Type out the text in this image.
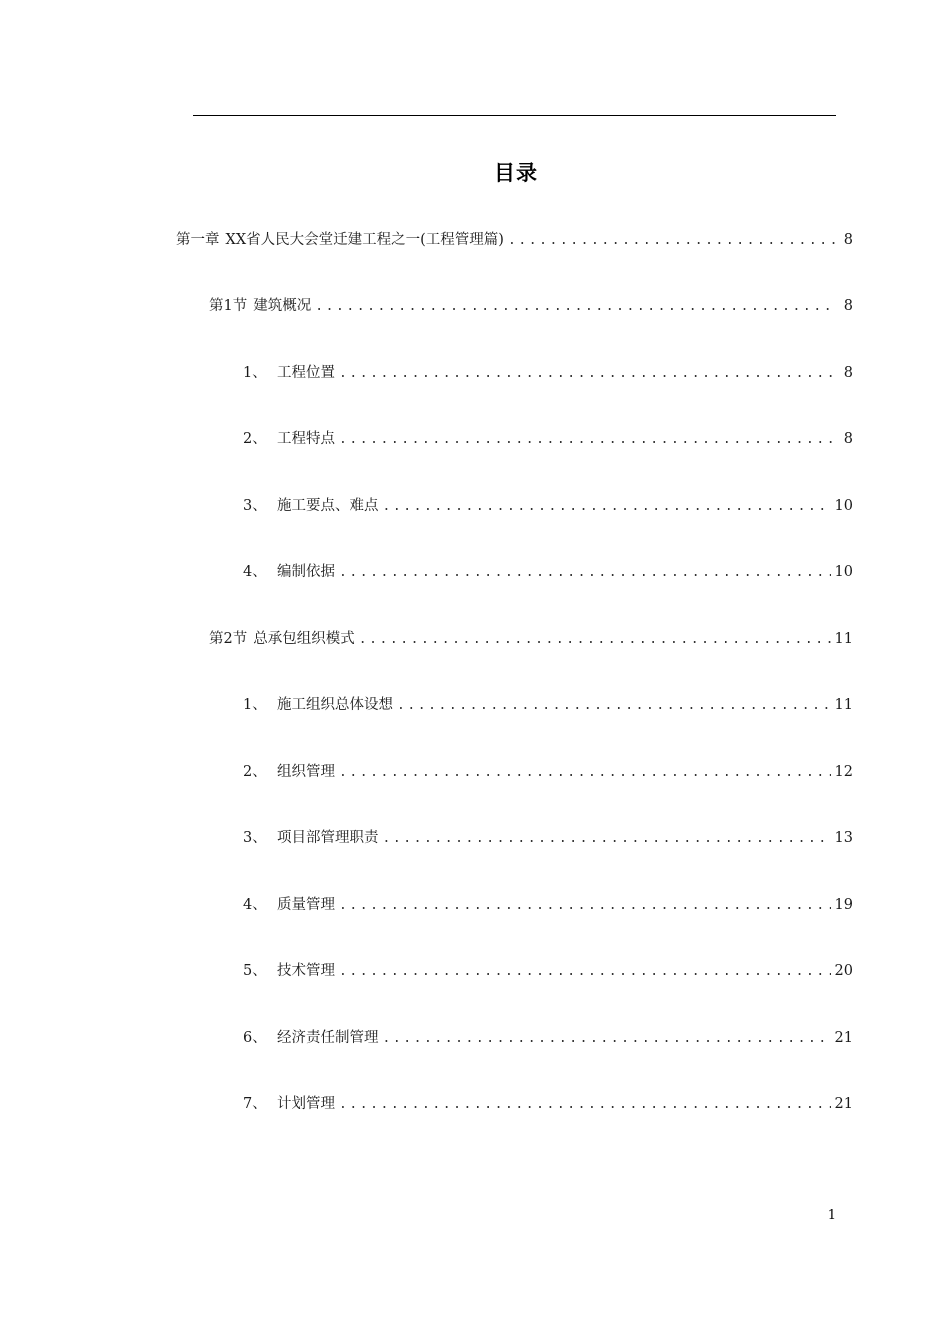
目录
第一章 XX省人民大会堂迁建工程之一(工程管理篇) .....	8
第1节 建筑概况 .....	8
1、 工程位置 .....	8
2、 工程特点 .....	8
3、 施工要点、难点 .....	10
4、 编制依据 .....	10
第2节 总承包组织模式 .....	11
1、 施工组织总体设想 .....	11
2、 组织管理 .....	12
3、 项目部管理职责 .....	13
4、 质量管理 .....	19
5、 技术管理 .....	20
6、 经济责任制管理 .....	21
7、 计划管理 .....	21
1
